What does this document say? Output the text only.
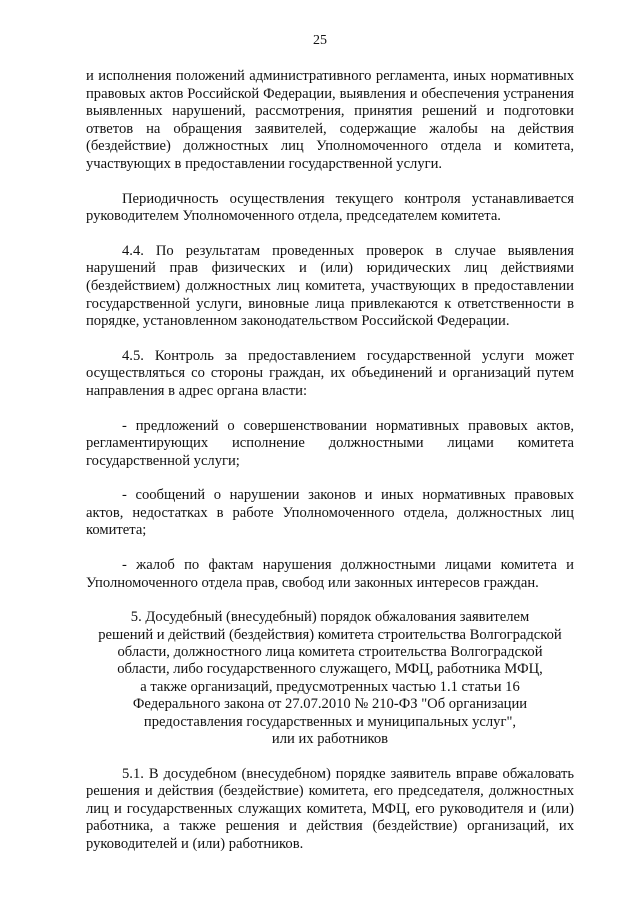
25

и исполнения положений административного регламента, иных нормативных правовых актов Российской Федерации, выявления и обеспечения устранения выявленных нарушений, рассмотрения, принятия решений и подготовки ответов на обращения заявителей, содержащие жалобы на действия (бездействие) должностных лиц Уполномоченного отдела и комитета, участвующих в предоставлении государственной услуги.

Периодичность осуществления текущего контроля устанавливается руководителем Уполномоченного отдела, председателем комитета.

4.4. По результатам проведенных проверок в случае выявления нарушений прав физических и (или) юридических лиц действиями (бездействием) должностных лиц комитета, участвующих в предоставлении государственной услуги, виновные лица привлекаются к ответственности в порядке, установленном законодательством Российской Федерации.

4.5. Контроль за предоставлением государственной услуги может осуществляться со стороны граждан, их объединений и организаций путем направления в адрес органа власти:

- предложений о совершенствовании нормативных правовых актов, регламентирующих исполнение должностными лицами комитета государственной услуги;

- сообщений о нарушении законов и иных нормативных правовых актов, недостатках в работе Уполномоченного отдела, должностных лиц комитета;

- жалоб по фактам нарушения должностными лицами комитета и Уполномоченного отдела прав, свобод или законных интересов граждан.

5. Досудебный (внесудебный) порядок обжалования заявителем
решений и действий (бездействия) комитета строительства Волгоградской
области, должностного лица комитета строительства Волгоградской
области, либо государственного служащего, МФЦ, работника МФЦ,
а также организаций, предусмотренных частью 1.1 статьи 16
Федерального закона от 27.07.2010 № 210-ФЗ "Об организации
предоставления государственных и муниципальных услуг",
или их работников

5.1. В досудебном (внесудебном) порядке заявитель вправе обжаловать решения и действия (бездействие) комитета, его председателя, должностных лиц и государственных служащих комитета, МФЦ, его руководителя и (или) работника, а также решения и действия (бездействие) организаций, их руководителей и (или) работников.
